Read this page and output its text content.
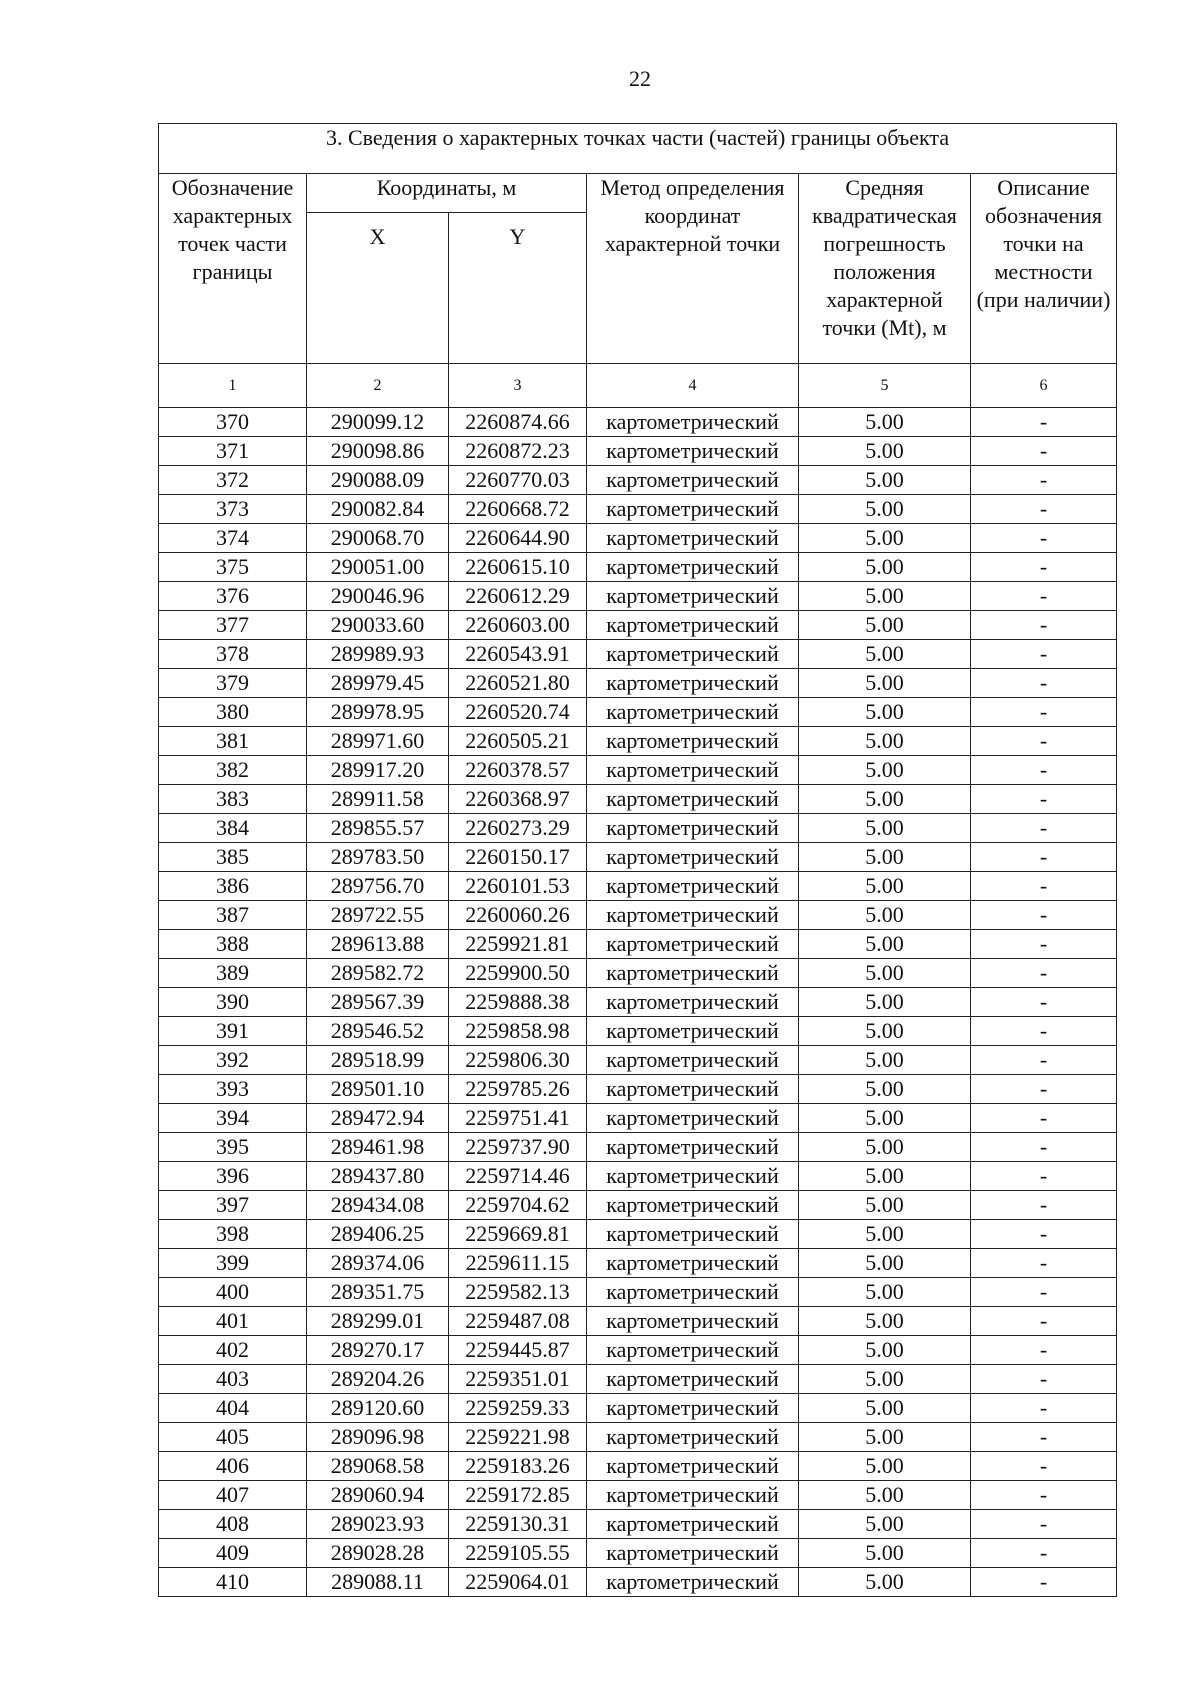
22
3. Сведения о характерных точках части (частей) границы объекта					
Обозначение характерных точек части границы	Координаты, м		Метод определения координат характерной точки	Средняя квадратическая погрешность положения характерной точки (Mt), м	Описание обозначения точки на местности (при наличии)
	X	Y			
1	2	3	4	5	6
370	290099.12	2260874.66	картометрический	5.00	-
371	290098.86	2260872.23	картометрический	5.00	-
372	290088.09	2260770.03	картометрический	5.00	-
373	290082.84	2260668.72	картометрический	5.00	-
374	290068.70	2260644.90	картометрический	5.00	-
375	290051.00	2260615.10	картометрический	5.00	-
376	290046.96	2260612.29	картометрический	5.00	-
377	290033.60	2260603.00	картометрический	5.00	-
378	289989.93	2260543.91	картометрический	5.00	-
379	289979.45	2260521.80	картометрический	5.00	-
380	289978.95	2260520.74	картометрический	5.00	-
381	289971.60	2260505.21	картометрический	5.00	-
382	289917.20	2260378.57	картометрический	5.00	-
383	289911.58	2260368.97	картометрический	5.00	-
384	289855.57	2260273.29	картометрический	5.00	-
385	289783.50	2260150.17	картометрический	5.00	-
386	289756.70	2260101.53	картометрический	5.00	-
387	289722.55	2260060.26	картометрический	5.00	-
388	289613.88	2259921.81	картометрический	5.00	-
389	289582.72	2259900.50	картометрический	5.00	-
390	289567.39	2259888.38	картометрический	5.00	-
391	289546.52	2259858.98	картометрический	5.00	-
392	289518.99	2259806.30	картометрический	5.00	-
393	289501.10	2259785.26	картометрический	5.00	-
394	289472.94	2259751.41	картометрический	5.00	-
395	289461.98	2259737.90	картометрический	5.00	-
396	289437.80	2259714.46	картометрический	5.00	-
397	289434.08	2259704.62	картометрический	5.00	-
398	289406.25	2259669.81	картометрический	5.00	-
399	289374.06	2259611.15	картометрический	5.00	-
400	289351.75	2259582.13	картометрический	5.00	-
401	289299.01	2259487.08	картометрический	5.00	-
402	289270.17	2259445.87	картометрический	5.00	-
403	289204.26	2259351.01	картометрический	5.00	-
404	289120.60	2259259.33	картометрический	5.00	-
405	289096.98	2259221.98	картометрический	5.00	-
406	289068.58	2259183.26	картометрический	5.00	-
407	289060.94	2259172.85	картометрический	5.00	-
408	289023.93	2259130.31	картометрический	5.00	-
409	289028.28	2259105.55	картометрический	5.00	-
410	289088.11	2259064.01	картометрический	5.00	-
